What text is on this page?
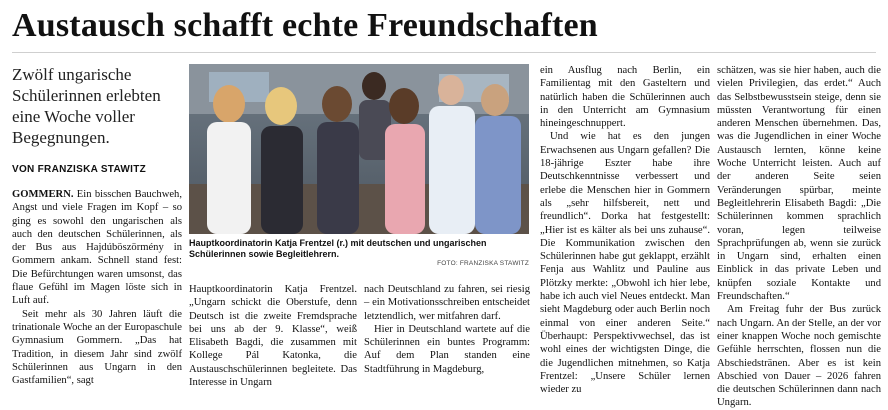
Austausch schafft echte Freundschaften
Zwölf ungarische Schülerinnen erlebten eine Woche voller Begegnungen.
VON FRANZISKA STAWITZ

GOMMERN. Ein bisschen Bauchweh, Angst und viele Fragen im Kopf – so ging es sowohl den ungarischen als auch den deutschen Schülerinnen, als der Bus aus Hajdúböszörmény in Gommern ankam. Schnell stand fest: Die Befürchtungen waren umsonst, das flaue Gefühl im Magen löste sich in Luft auf.

Seit mehr als 30 Jahren läuft die trinationale Woche an der Europaschule Gymnasium Gommern. „Das hat Tradition, in diesem Jahr sind zwölf Schülerinnen aus Ungarn in den Gastfamilien“, sagt

Hauptkoordinatorin Katja Frentzel (r.) mit deutschen und ungarischen Schülerinnen sowie Begleitlehrern.
FOTO: FRANZISKA STAWITZ

Hauptkoordinatorin Katja Frentzel. „Ungarn schickt die Oberstufe, denn Deutsch ist die zweite Fremdsprache bei uns ab der 9. Klasse“, weiß Elisabeth Bagdi, die zusammen mit Kollege Pál Katonka, die Austauschschülerinnen begleitete. Das Interesse in Ungarn

nach Deutschland zu fahren, sei riesig – ein Motivationsschreiben entscheidet letztendlich, wer mitfahren darf.

Hier in Deutschland wartete auf die Schülerinnen ein buntes Programm: Auf dem Plan standen eine Stadtführung in Magdeburg,

ein Ausflug nach Berlin, ein Familientag mit den Gasteltern und natürlich haben die Schülerinnen auch in den Unterricht am Gymnasium hineingeschnuppert.

Und wie hat es den jungen Erwachsenen aus Ungarn gefallen? Die 18-jährige Eszter habe ihre Deutschkenntnisse verbessert und erlebe die Menschen hier in Gommern als „sehr hilfsbereit, nett und freundlich“. Dorka hat festgestellt: „Hier ist es kälter als bei uns zuhause“. Die Kommunikation zwischen den Schülerinnen habe gut geklappt, erzählt Fenja aus Wahlitz und Pauline aus Plötzky merkte: „Obwohl ich hier lebe, habe ich auch viel Neues entdeckt. Man sieht Magdeburg oder auch Berlin noch einmal von einer anderen Seite.“ Überhaupt: Perspektivwechsel, das ist wohl eines der wichtigsten Dinge, die die Jugendlichen mitnehmen, so Katja Frentzel: „Unsere Schüler lernen wieder zu

schätzen, was sie hier haben, auch die vielen Privilegien, das erdet.“ Auch das Selbstbewusstsein steige, denn sie müssten Verantwortung für einen anderen Menschen übernehmen. Das, was die Jugendlichen in einer Woche Austausch lernten, könne keine Woche Unterricht leisten. Auch auf der anderen Seite seien Veränderungen spürbar, meinte Begleitlehrerin Elisabeth Bagdi: „Die Schülerinnen kommen sprachlich voran, legen teilweise Sprachprüfungen ab, wenn sie zurück in Ungarn sind, erhalten einen Einblick in das private Leben und knüpfen soziale Kontakte und Freundschaften.“

Am Freitag fuhr der Bus zurück nach Ungarn. An der Stelle, an der vor einer knappen Woche noch gemischte Gefühle herrschten, flossen nun die Abschiedstränen. Aber es ist kein Abschied von Dauer – 2026 fahren die deutschen Schülerinnen dann nach Ungarn.
